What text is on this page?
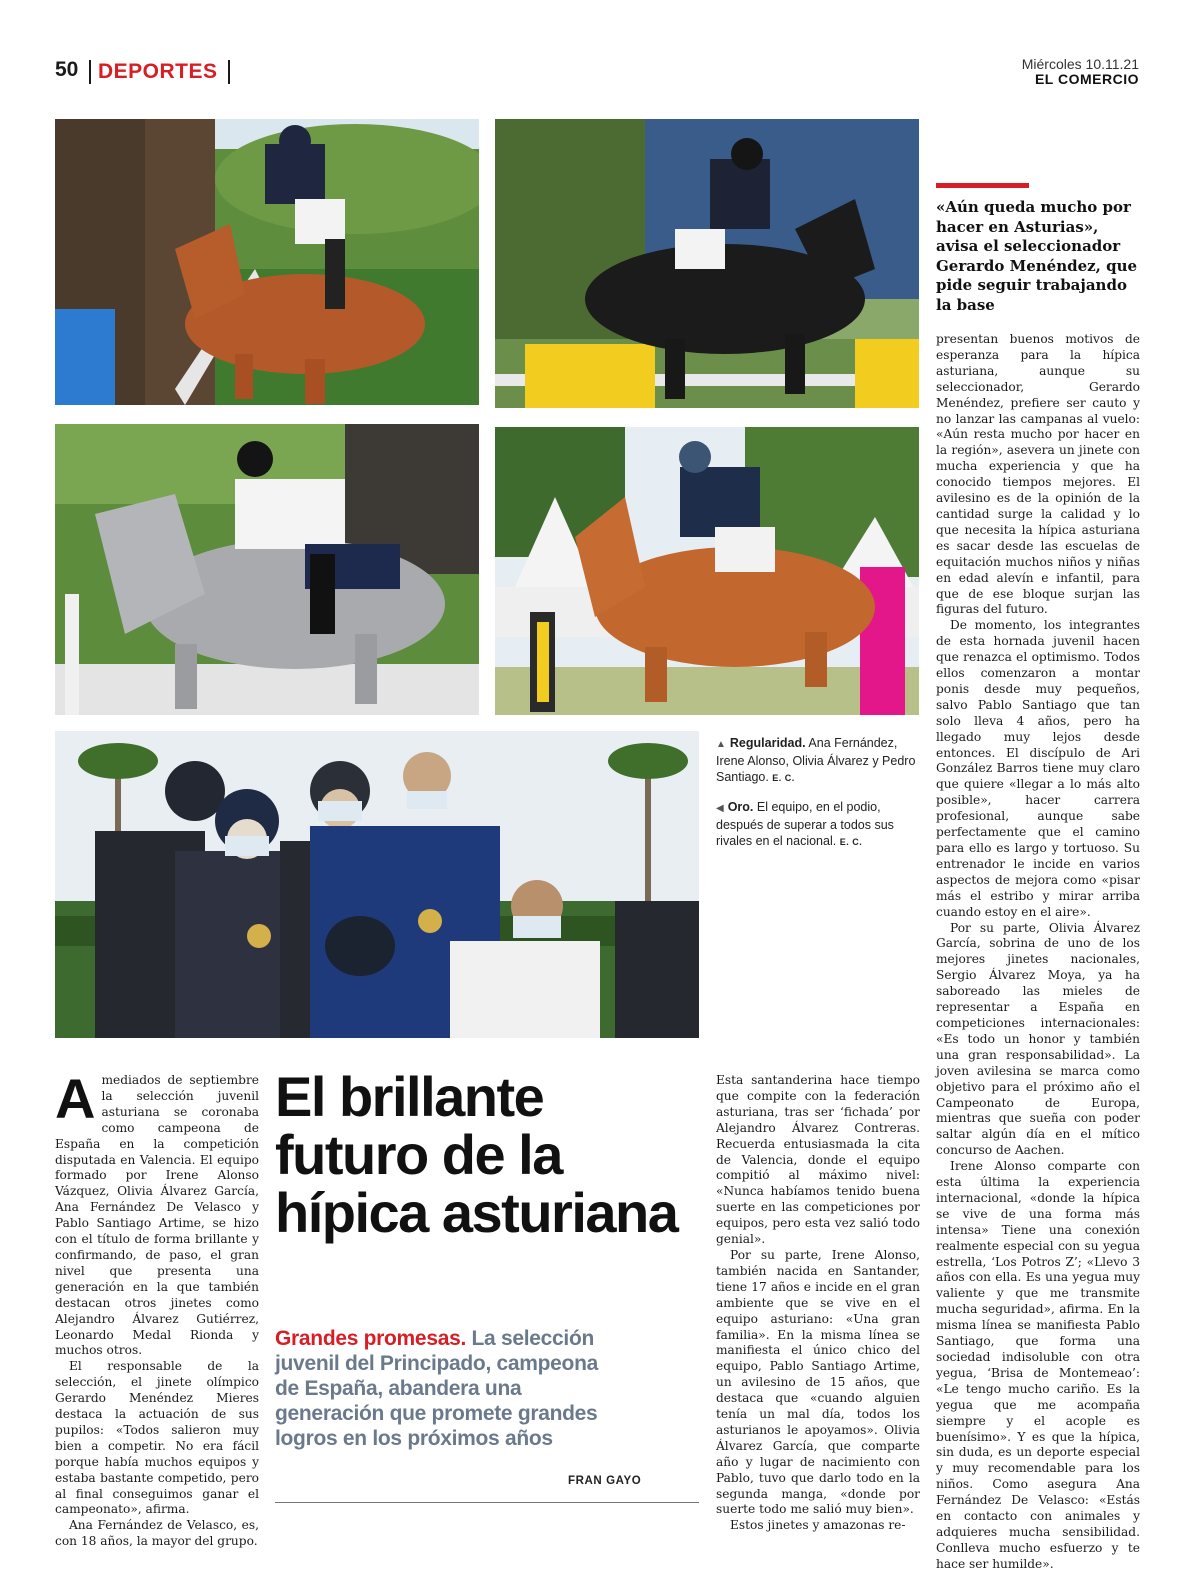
50 DEPORTES	Miércoles 10.11.21
EL COMERCIO
«Aún queda mucho por hacer en Asturias», avisa el seleccionador Gerardo Menéndez, que pide seguir trabajando la base
▲ Regularidad. Ana Fernández, Irene Alonso, Olivia Álvarez y Pedro Santiago. E. C.
◀ Oro. El equipo, en el podio, después de superar a todos sus rivales en el nacional. E. C.

Amediados de septiembre la selección juvenil asturiana se coronaba como campeona de España en la competición disputada en Valencia. El equipo formado por Irene Alonso Vázquez, Olivia Álvarez García, Ana Fernández De Velasco y Pablo Santiago Artime, se hizo con el título de forma brillante y confirmando, de paso, el gran nivel que presenta una generación en la que también destacan otros jinetes como Alejandro Álvarez Gutiérrez, Leonardo Medal Rionda y muchos otros.

El responsable de la selección, el jinete olímpico Gerardo Menéndez Mieres destaca la actuación de sus pupilos: «Todos salieron muy bien a competir. No era fácil porque había muchos equipos y estaba bastante competido, pero al final conseguimos ganar el campeonato», afirma.

Ana Fernández de Velasco, es, con 18 años, la mayor del grupo.

El brillante futuro de la hípica asturiana
Grandes promesas. La selección juvenil del Principado, campeona de España, abandera una generación que promete grandes logros en los próximos años
FRAN GAYO

Esta santanderina hace tiempo que compite con la federación asturiana, tras ser ‘fichada’ por Alejandro Álvarez Contreras. Recuerda entusiasmada la cita de Valencia, donde el equipo compitió al máximo nivel: «Nunca habíamos tenido buena suerte en las competiciones por equipos, pero esta vez salió todo genial».

Por su parte, Irene Alonso, también nacida en Santander, tiene 17 años e incide en el gran ambiente que se vive en el equipo asturiano: «Una gran familia». En la misma línea se manifiesta el único chico del equipo, Pablo Santiago Artime, un avilesino de 15 años, que destaca que «cuando alguien tenía un mal día, todos los asturianos le apoyamos». Olivia Álvarez García, que comparte año y lugar de nacimiento con Pablo, tuvo que darlo todo en la segunda manga, «donde por suerte todo me salió muy bien».

Estos jinetes y amazonas re-

presentan buenos motivos de esperanza para la hípica asturiana, aunque su seleccionador, Gerardo Menéndez, prefiere ser cauto y no lanzar las campanas al vuelo: «Aún resta mucho por hacer en la región», asevera un jinete con mucha experiencia y que ha conocido tiempos mejores. El avilesino es de la opinión de la cantidad surge la calidad y lo que necesita la hípica asturiana es sacar desde las escuelas de equitación muchos niños y niñas en edad alevín e infantil, para que de ese bloque surjan las figuras del futuro.

De momento, los integrantes de esta hornada juvenil hacen que renazca el optimismo. Todos ellos comenzaron a montar ponis desde muy pequeños, salvo Pablo Santiago que tan solo lleva 4 años, pero ha llegado muy lejos desde entonces. El discípulo de Ari González Barros tiene muy claro que quiere «llegar a lo más alto posible», hacer carrera profesional, aunque sabe perfectamente que el camino para ello es largo y tortuoso. Su entrenador le incide en varios aspectos de mejora como «pisar más el estribo y mirar arriba cuando estoy en el aire».

Por su parte, Olivia Álvarez García, sobrina de uno de los mejores jinetes nacionales, Sergio Álvarez Moya, ya ha saboreado las mieles de representar a España en competiciones internacionales: «Es todo un honor y también una gran responsabilidad». La joven avilesina se marca como objetivo para el próximo año el Campeonato de Europa, mientras que sueña con poder saltar algún día en el mítico concurso de Aachen.

Irene Alonso comparte con esta última la experiencia internacional, «donde la hípica se vive de una forma más intensa» Tiene una conexión realmente especial con su yegua estrella, ‘Los Potros Z’; «Llevo 3 años con ella. Es una yegua muy valiente y que me transmite mucha seguridad», afirma. En la misma línea se manifiesta Pablo Santiago, que forma una sociedad indisoluble con otra yegua, ‘Brisa de Montemeao’: «Le tengo mucho cariño. Es la yegua que me acompaña siempre y el acople es buenísimo». Y es que la hípica, sin duda, es un deporte especial y muy recomendable para los niños. Como asegura Ana Fernández De Velasco: «Estás en contacto con animales y adquieres mucha sensibilidad. Conlleva mucho esfuerzo y te hace ser humilde».
